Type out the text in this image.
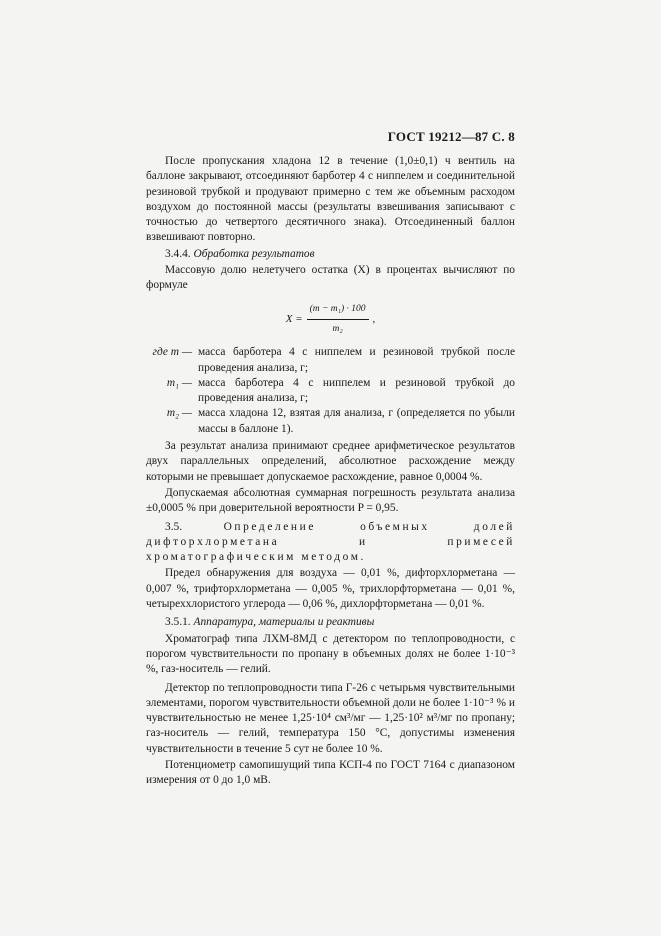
ГОСТ 19212—87 С. 8

После пропускания хладона 12 в течение (1,0±0,1) ч вентиль на баллоне закрывают, отсоединяют барботер 4 с ниппелем и соединительной резиновой трубкой и продувают примерно с тем же объемным расходом воздухом до постоянной массы (результаты взвешивания записывают с точностью до четвертого десятичного знака). Отсоединенный баллон взвешивают повторно.

3.4.4. Обработка результатов

Массовую долю нелетучего остатка (X) в процентах вычисляют по формуле

$X = \frac{\text{(m − m₁) · 100}}{\text{m₂}}$ ,
где m — масса барботера 4 с ниппелем и резиновой трубкой после проведения анализа, г;
m₁ — масса барботера 4 с ниппелем и резиновой трубкой до проведения анализа, г;
m₂ — масса хладона 12, взятая для анализа, г (определяется по убыли массы в баллоне 1).

За результат анализа принимают среднее арифметическое результатов двух параллельных определений, абсолютное расхождение между которыми не превышает допускаемое расхождение, равное 0,0004 %.

Допускаемая абсолютная суммарная погрешность результата анализа ±0,0005 % при доверительной вероятности P = 0,95.

3.5.	Определение объемных долей дифторхлорметана и примесей хроматографическим методом.

Предел обнаружения для воздуха — 0,01 %, дифторхлорметана — 0,007 %, трифторхлорметана — 0,005 %, трихлорфторметана — 0,01 %, четыреххлористого углерода — 0,06 %, дихлорфторметана — 0,01 %.

3.5.1. Аппаратура, материалы и реактивы

Хроматограф типа ЛХМ-8МД с детектором по теплопроводности, с порогом чувствительности по пропану в объемных долях не более 1·10⁻³ %, газ-носитель — гелий.

Детектор по теплопроводности типа Г-26 с четырьмя чувствительными элементами, порогом чувствительности объемной доли не более 1·10⁻³ % и чувствительностью не менее 1,25·10⁴ см³/мг — 1,25·10² м³/мг по пропану; газ-носитель — гелий, температура 150 °С, допустимы изменения чувствительности в течение 5 сут не более 10 %.

Потенциометр самопишущий типа КСП-4 по ГОСТ 7164 с диапазоном измерения от 0 до 1,0 мВ.
